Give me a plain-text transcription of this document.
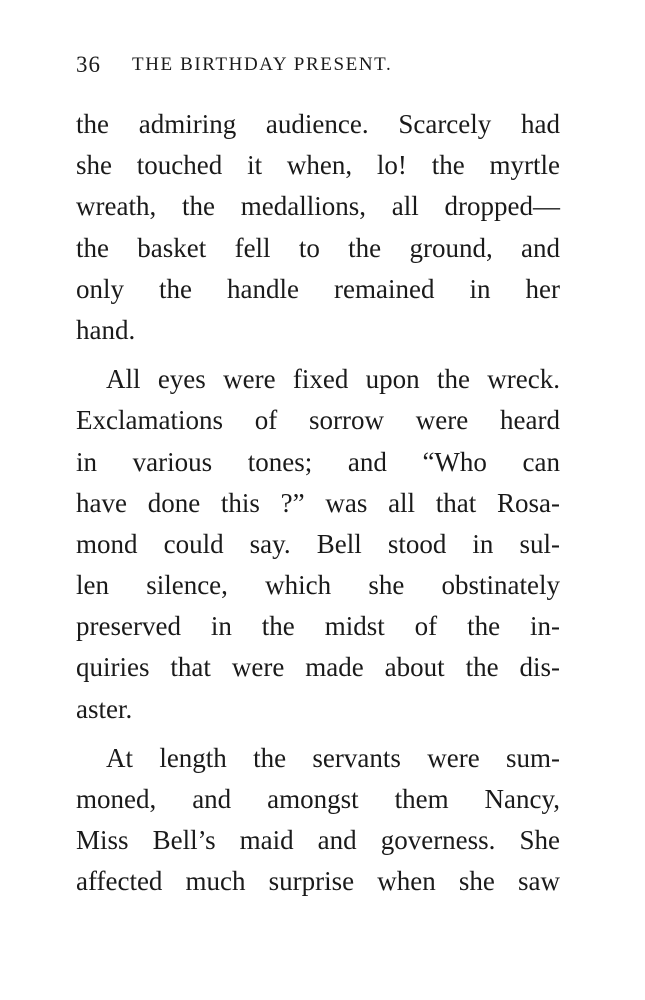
36 THE BIRTHDAY PRESENT.
the admiring audience. Scarcely had
she touched it when, lo! the myrtle
wreath, the medallions, all dropped—
the basket fell to the ground, and
only the handle remained in her
hand.
All eyes were fixed upon the wreck.
Exclamations of sorrow were heard
in various tones; and “Who can
have done this ?” was all that Rosa-
mond could say. Bell stood in sul-
len silence, which she obstinately
preserved in the midst of the in-
quiries that were made about the dis-
aster.
At length the servants were sum-
moned, and amongst them Nancy,
Miss Bell’s maid and governess. She
affected much surprise when she saw
